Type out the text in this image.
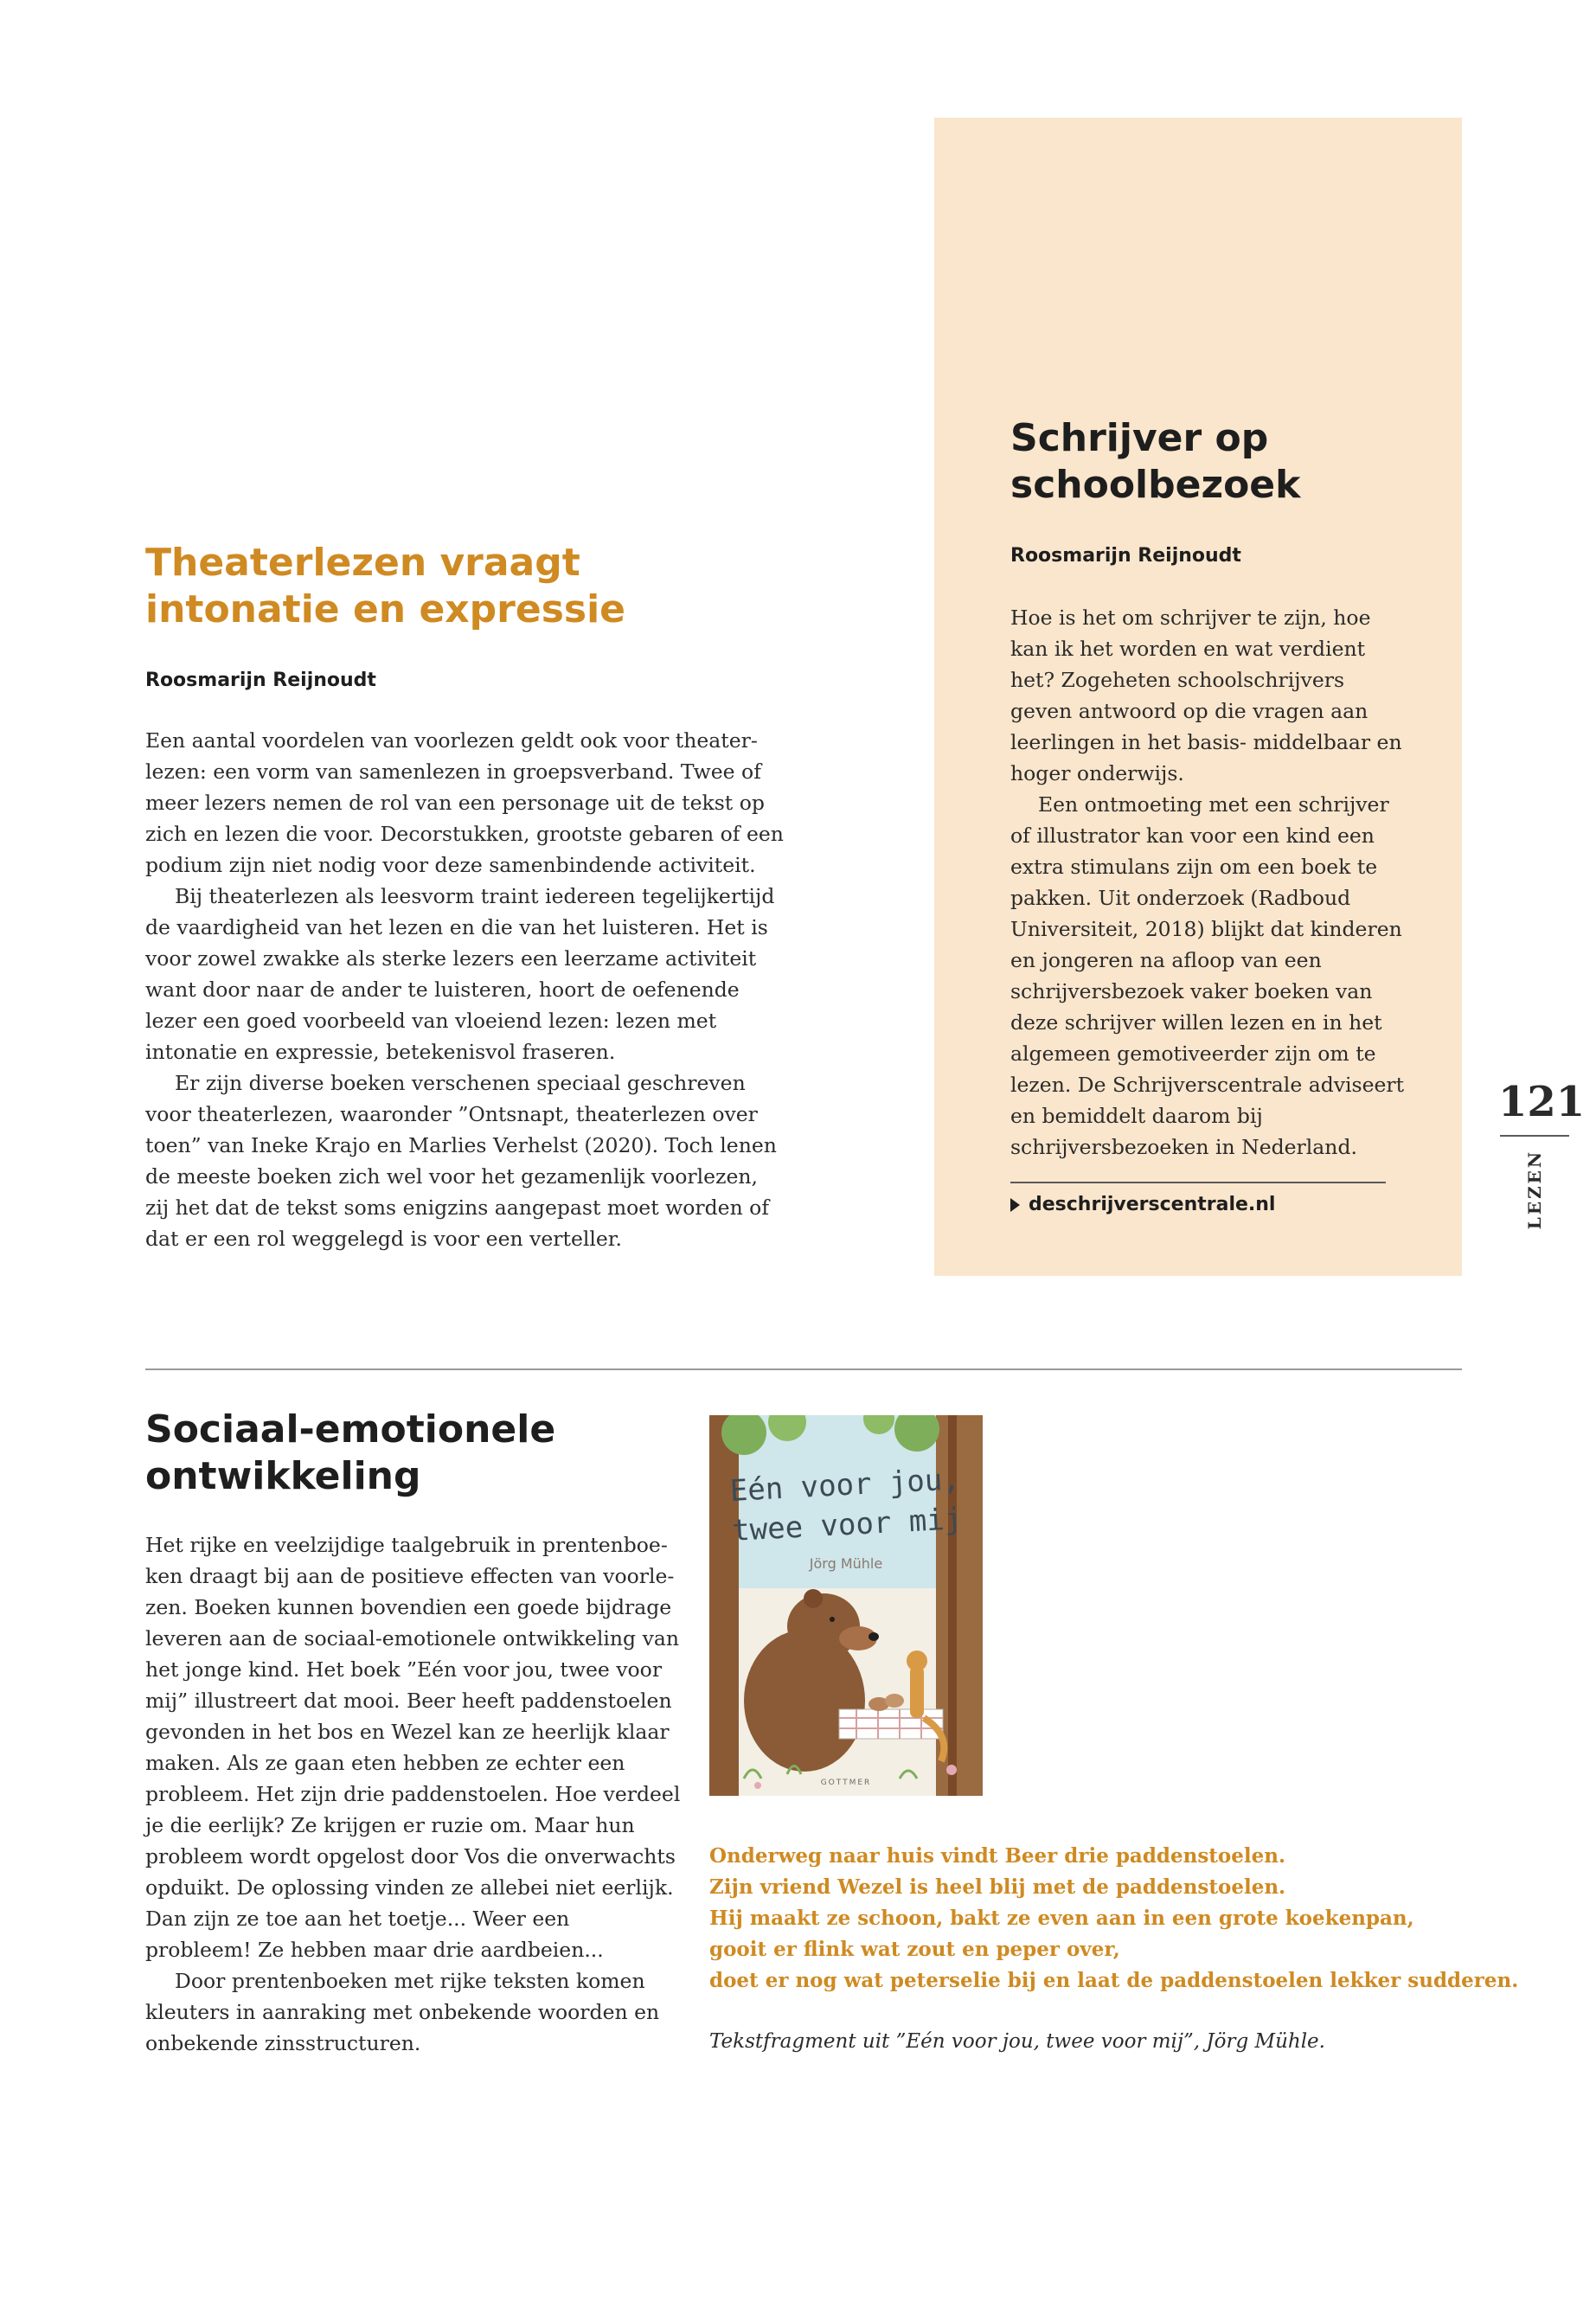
Schrijver op schoolbezoek

Roosmarijn Reijnoudt

Hoe is het om schrijver te zijn, hoe kan ik het worden en wat verdient het? Zogeheten schoolschrijvers geven antwoord op die vragen aan leerlingen in het basis- middelbaar en hoger onderwijs.

Een ontmoeting met een schrijver of illustrator kan voor een kind een extra stimulans zijn om een boek te pakken. Uit onderzoek (Radboud Universiteit, 2018) blijkt dat kinderen en jongeren na afloop van een schrijversbezoek vaker boeken van deze schrijver willen lezen en in het algemeen gemotiveerder zijn om te lezen. De Schrijverscentrale adviseert en bemiddelt daarom bij schrijversbezoeken in Nederland.

deschrijverscentrale.nl
121
LEZEN
Theaterlezen vraagt intonatie en expressie

Roosmarijn Reijnoudt

Een aantal voordelen van voorlezen geldt ook voor theaterlezen: een vorm van samenlezen in groepsverband. Twee of meer lezers nemen de rol van een personage uit de tekst op zich en lezen die voor. Decorstukken, grootste gebaren of een podium zijn niet nodig voor deze samenbindende activiteit.

Bij theaterlezen als leesvorm traint iedereen tegelijkertijd de vaardigheid van het lezen en die van het luisteren. Het is voor zowel zwakke als sterke lezers een leerzame activiteit want door naar de ander te luisteren, hoort de oefenende lezer een goed voorbeeld van vloeiend lezen: lezen met intonatie en expressie, betekenisvol fraseren.

Er zijn diverse boeken verschenen speciaal geschreven voor theaterlezen, waaronder ”Ontsnapt, theaterlezen over toen” van Ineke Krajo en Marlies Verhelst (2020). Toch lenen de meeste boeken zich wel voor het gezamenlijk voorlezen, zij het dat de tekst soms enigzins aangepast moet worden of dat er een rol weggelegd is voor een verteller.

Sociaal-emotionele ontwikkeling

Het rijke en veelzijdige taalgebruik in prentenboeken draagt bij aan de positieve effecten van voorlezen. Boeken kunnen bovendien een goede bijdrage leveren aan de sociaal-emotionele ontwikkeling van het jonge kind. Het boek ”Eén voor jou, twee voor mij” illustreert dat mooi. Beer heeft paddenstoelen gevonden in het bos en Wezel kan ze heerlijk klaar maken. Als ze gaan eten hebben ze echter een probleem. Het zijn drie paddenstoelen. Hoe verdeel je die eerlijk? Ze krijgen er ruzie om. Maar hun probleem wordt opgelost door Vos die onverwachts opduikt. De oplossing vinden ze allebei niet eerlijk. Dan zijn ze toe aan het toetje... Weer een probleem! Ze hebben maar drie aardbeien...

Door prentenboeken met rijke teksten komen kleuters in aanraking met onbekende woorden en onbekende zinsstructuren.

Eén voor jou,
twee voor mij
Jörg Mühle
GOTTMER
Onderweg naar huis vindt Beer drie paddenstoelen.
Zijn vriend Wezel is heel blij met de paddenstoelen.
Hij maakt ze schoon, bakt ze even aan in een grote koekenpan,
gooit er flink wat zout en peper over,
doet er nog wat peterselie bij en laat de paddenstoelen lekker sudderen.
Tekstfragment uit ”Eén voor jou, twee voor mij”, Jörg Mühle.
